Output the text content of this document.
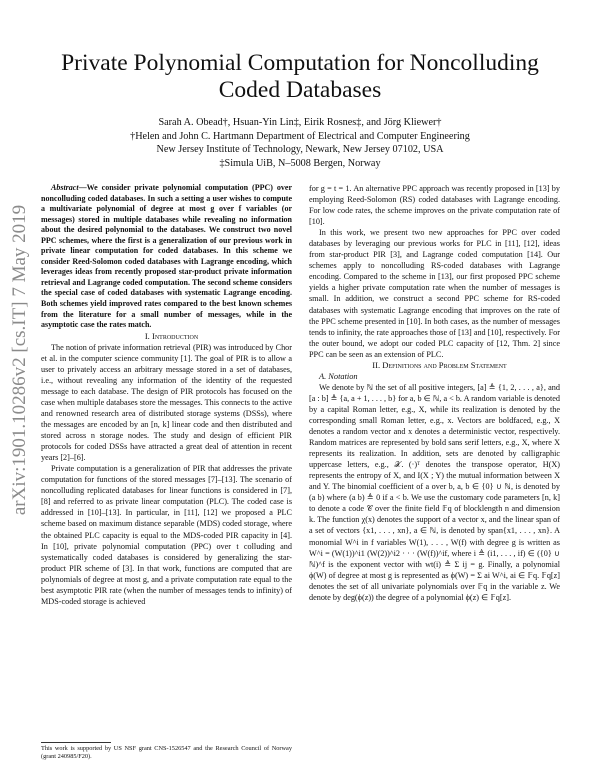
arXiv:1901.10286v2 [cs.IT] 7 May 2019
Private Polynomial Computation for Noncolluding Coded Databases
Sarah A. Obead†, Hsuan-Yin Lin‡, Eirik Rosnes‡, and Jörg Kliewer†
†Helen and John C. Hartmann Department of Electrical and Computer Engineering
New Jersey Institute of Technology, Newark, New Jersey 07102, USA
‡Simula UiB, N–5008 Bergen, Norway

Abstract—We consider private polynomial computation (PPC) over noncolluding coded databases. In such a setting a user wishes to compute a multivariate polynomial of degree at most g over f variables (or messages) stored in multiple databases while revealing no information about the desired polynomial to the databases. We construct two novel PPC schemes, where the first is a generalization of our previous work in private linear computation for coded databases. In this scheme we consider Reed-Solomon coded databases with Lagrange encoding, which leverages ideas from recently proposed star-product private information retrieval and Lagrange coded computation. The second scheme considers the special case of coded databases with systematic Lagrange encoding. Both schemes yield improved rates compared to the best known schemes from the literature for a small number of messages, while in the asymptotic case the rates match.

I. Introduction

The notion of private information retrieval (PIR) was introduced by Chor et al. in the computer science community [1]. The goal of PIR is to allow a user to privately access an arbitrary message stored in a set of databases, i.e., without revealing any information of the identity of the requested message to each database. The design of PIR protocols has focused on the case when multiple databases store the messages. This connects to the active and renowned research area of distributed storage systems (DSSs), where the messages are encoded by an [n, k] linear code and then distributed and stored across n storage nodes. The study and design of efficient PIR protocols for coded DSSs have attracted a great deal of attention in recent years [2]–[6].

Private computation is a generalization of PIR that addresses the private computation for functions of the stored messages [7]–[13]. The scenario of noncolluding replicated databases for linear functions is considered in [7], [8] and referred to as private linear computation (PLC). The coded case is addressed in [10]–[13]. In particular, in [11], [12] we proposed a PLC scheme based on maximum distance separable (MDS) coded storage, where the obtained PLC capacity is equal to the MDS-coded PIR capacity in [4]. In [10], private polynomial computation (PPC) over t colluding and systematically coded databases is considered by generalizing the star-product PIR scheme of [3]. In that work, functions are computed that are polynomials of degree at most g, and a private computation rate equal to the best asymptotic PIR rate (when the number of messages tends to infinity) of MDS-coded storage is achieved

This work is supported by US NSF grant CNS-1526547 and the Research Council of Norway (grant 240985/F20).

for g = t = 1. An alternative PPC approach was recently proposed in [13] by employing Reed-Solomon (RS) coded databases with Lagrange encoding. For low code rates, the scheme improves on the private computation rate of [10].

In this work, we present two new approaches for PPC over coded databases by leveraging our previous works for PLC in [11], [12], ideas from star-product PIR [3], and Lagrange coded computation [14]. Our schemes apply to noncolluding RS-coded databases with Lagrange encoding. Compared to the scheme in [13], our first proposed PPC scheme yields a higher private computation rate when the number of messages is small. In addition, we construct a second PPC scheme for RS-coded databases with systematic Lagrange encoding that improves on the rate of the PPC scheme presented in [10]. In both cases, as the number of messages tends to infinity, the rate approaches those of [13] and [10], respectively. For the outer bound, we adopt our coded PLC capacity of [12, Thm. 2] since PPC can be seen as an extension of PLC.

II. Definitions and Problem Statement

A. Notation

We denote by ℕ the set of all positive integers, [a] ≜ {1, 2, . . . , a}, and [a : b] ≜ {a, a + 1, . . . , b} for a, b ∈ ℕ, a < b. A random variable is denoted by a capital Roman letter, e.g., X, while its realization is denoted by the corresponding small Roman letter, e.g., x. Vectors are boldfaced, e.g., X denotes a random vector and x denotes a deterministic vector, respectively. Random matrices are represented by bold sans serif letters, e.g., X, where X represents its realization. In addition, sets are denoted by calligraphic uppercase letters, e.g., 𝒳. (·)ᵀ denotes the transpose operator, H(X) represents the entropy of X, and I(X ; Y) the mutual information between X and Y. The binomial coefficient of a over b, a, b ∈ {0} ∪ ℕ, is denoted by (a b) where (a b) ≜ 0 if a < b. We use the customary code parameters [n, k] to denote a code 𝒞 over the finite field 𝔽q of blocklength n and dimension k. The function χ(x) denotes the support of a vector x, and the linear span of a set of vectors {x1, . . . , xn}, a ∈ ℕ, is denoted by span{x1, . . . , xn}. A monomial W^i in f variables W(1), . . . , W(f) with degree g is written as W^i = (W(1))^i1 (W(2))^i2 · · · (W(f))^if, where i ≜ (i1, . . . , if) ∈ ({0} ∪ ℕ)^f is the exponent vector with wt(i) ≜ Σ ij = g. Finally, a polynomial ϕ(W) of degree at most g is represented as ϕ(W) = Σ ai W^i, ai ∈ 𝔽q. 𝔽q[z] denotes the set of all univariate polynomials over 𝔽q in the variable z. We denote by deg(ϕ(z)) the degree of a polynomial ϕ(z) ∈ 𝔽q[z].
